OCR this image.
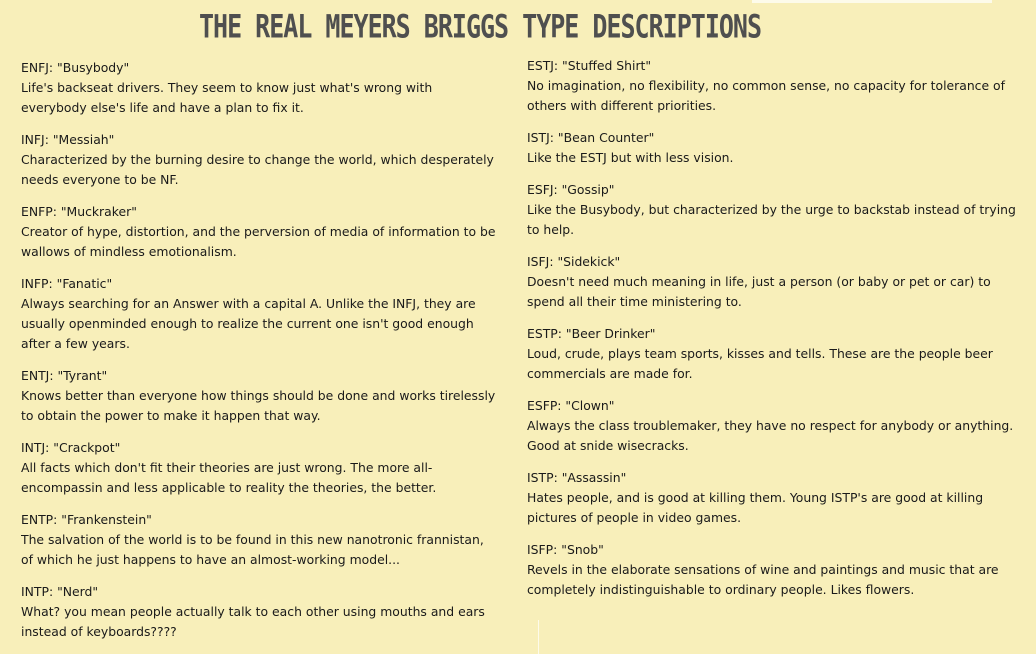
THE REAL MEYERS BRIGGS TYPE DESCRIPTIONS
ENFJ: "Busybody"
Life's backseat drivers. They seem to know just what's wrong with everybody else's life and have a plan to fix it.
INFJ: "Messiah"
Characterized by the burning desire to change the world, which desperately needs everyone to be NF.
ENFP: "Muckraker"
Creator of hype, distortion, and the perversion of media of information to be wallows of mindless emotionalism.
INFP: "Fanatic"
Always searching for an Answer with a capital A. Unlike the INFJ, they are usually openminded enough to realize the current one isn't good enough after a few years.
ENTJ: "Tyrant"
Knows better than everyone how things should be done and works tirelessly to obtain the power to make it happen that way.
INTJ: "Crackpot"
All facts which don't fit their theories are just wrong. The more all-encompassin and less applicable to reality the theories, the better.
ENTP: "Frankenstein"
The salvation of the world is to be found in this new nanotronic frannistan, of which he just happens to have an almost-working model...
INTP: "Nerd"
What? you mean people actually talk to each other using mouths and ears instead of keyboards????
ESTJ: "Stuffed Shirt"
No imagination, no flexibility, no common sense, no capacity for tolerance of others with different priorities.
ISTJ: "Bean Counter"
Like the ESTJ but with less vision.
ESFJ: "Gossip"
Like the Busybody, but characterized by the urge to backstab instead of trying to help.
ISFJ: "Sidekick"
Doesn't need much meaning in life, just a person (or baby or pet or car) to spend all their time ministering to.
ESTP: "Beer Drinker"
Loud, crude, plays team sports, kisses and tells. These are the people beer commercials are made for.
ESFP: "Clown"
Always the class troublemaker, they have no respect for anybody or anything. Good at snide wisecracks.
ISTP: "Assassin"
Hates people, and is good at killing them. Young ISTP's are good at killing pictures of people in video games.
ISFP: "Snob"
Revels in the elaborate sensations of wine and paintings and music that are completely indistinguishable to ordinary people. Likes flowers.
